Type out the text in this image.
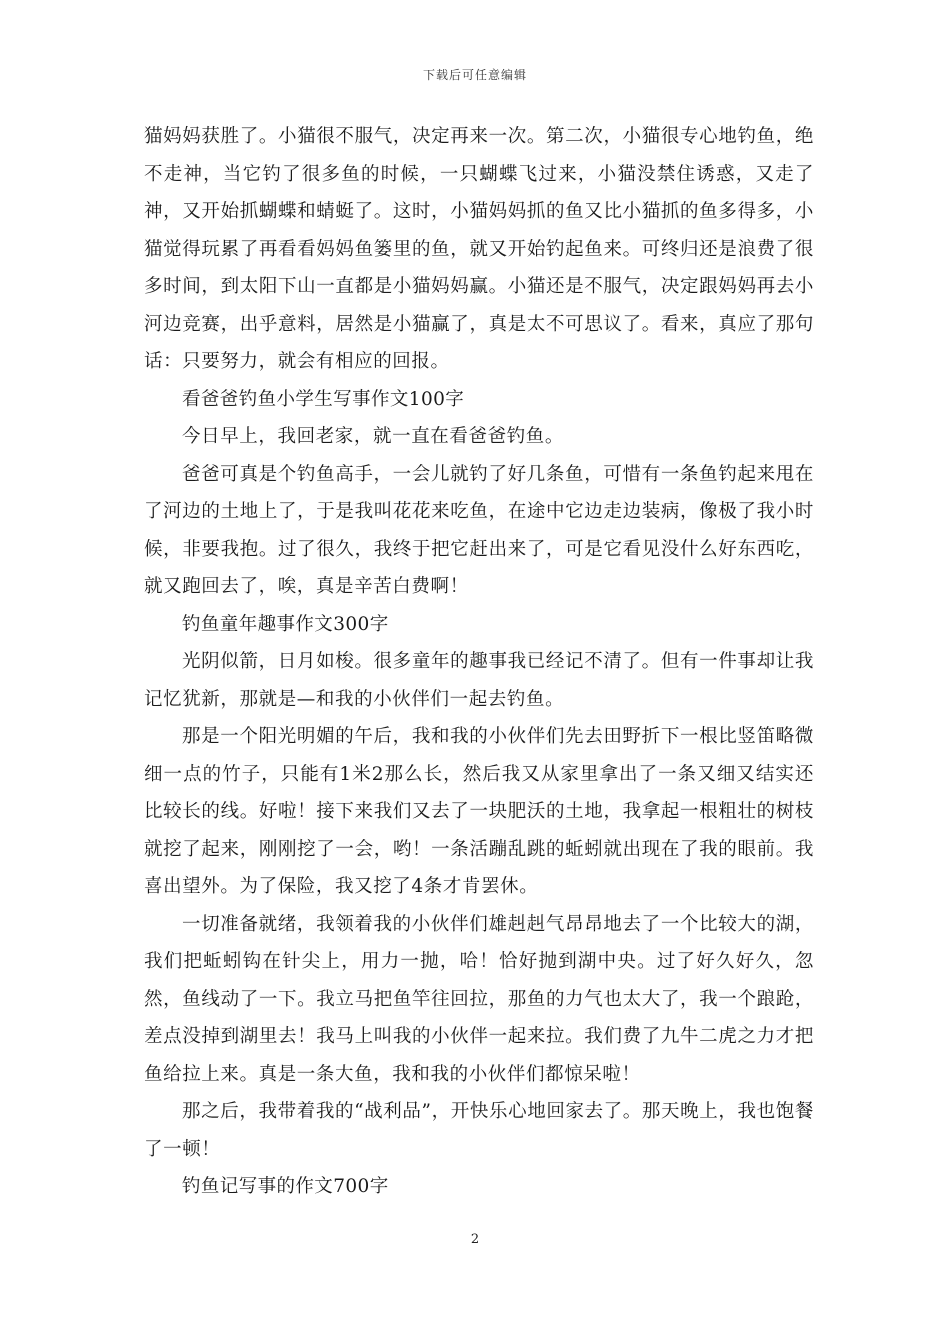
下载后可任意编辑

猫妈妈获胜了。小猫很不服气，决定再来一次。第二次，小猫很专心地钓鱼，绝不走神，当它钓了很多鱼的时候，一只蝴蝶飞过来，小猫没禁住诱惑，又走了神，又开始抓蝴蝶和蜻蜓了。这时，小猫妈妈抓的鱼又比小猫抓的鱼多得多，小猫觉得玩累了再看看妈妈鱼篓里的鱼，就又开始钓起鱼来。可终归还是浪费了很多时间，到太阳下山一直都是小猫妈妈赢。小猫还是不服气，决定跟妈妈再去小河边竞赛，出乎意料，居然是小猫赢了，真是太不可思议了。看来，真应了那句话：只要努力，就会有相应的回报。

看爸爸钓鱼小学生写事作文100字

今日早上，我回老家，就一直在看爸爸钓鱼。

爸爸可真是个钓鱼高手，一会儿就钓了好几条鱼，可惜有一条鱼钓起来甩在了河边的土地上了，于是我叫花花来吃鱼，在途中它边走边装病，像极了我小时候，非要我抱。过了很久，我终于把它赶出来了，可是它看见没什么好东西吃，就又跑回去了，唉，真是辛苦白费啊！

钓鱼童年趣事作文300字

光阴似箭，日月如梭。很多童年的趣事我已经记不清了。但有一件事却让我记忆犹新，那就是—和我的小伙伴们一起去钓鱼。

那是一个阳光明媚的午后，我和我的小伙伴们先去田野折下一根比竖笛略微细一点的竹子，只能有1米2那么长，然后我又从家里拿出了一条又细又结实还比较长的线。好啦！接下来我们又去了一块肥沃的土地，我拿起一根粗壮的树枝就挖了起来，刚刚挖了一会，哟！一条活蹦乱跳的蚯蚓就出现在了我的眼前。我喜出望外。为了保险，我又挖了4条才肯罢休。

一切准备就绪，我领着我的小伙伴们雄赳赳气昂昂地去了一个比较大的湖，我们把蚯蚓钩在针尖上，用力一抛，哈！恰好抛到湖中央。过了好久好久，忽然，鱼线动了一下。我立马把鱼竿往回拉，那鱼的力气也太大了，我一个踉跄，差点没掉到湖里去！我马上叫我的小伙伴一起来拉。我们费了九牛二虎之力才把鱼给拉上来。真是一条大鱼，我和我的小伙伴们都惊呆啦！

那之后，我带着我的“战利品”，开快乐心地回家去了。那天晚上，我也饱餐了一顿！

钓鱼记写事的作文700字

2
